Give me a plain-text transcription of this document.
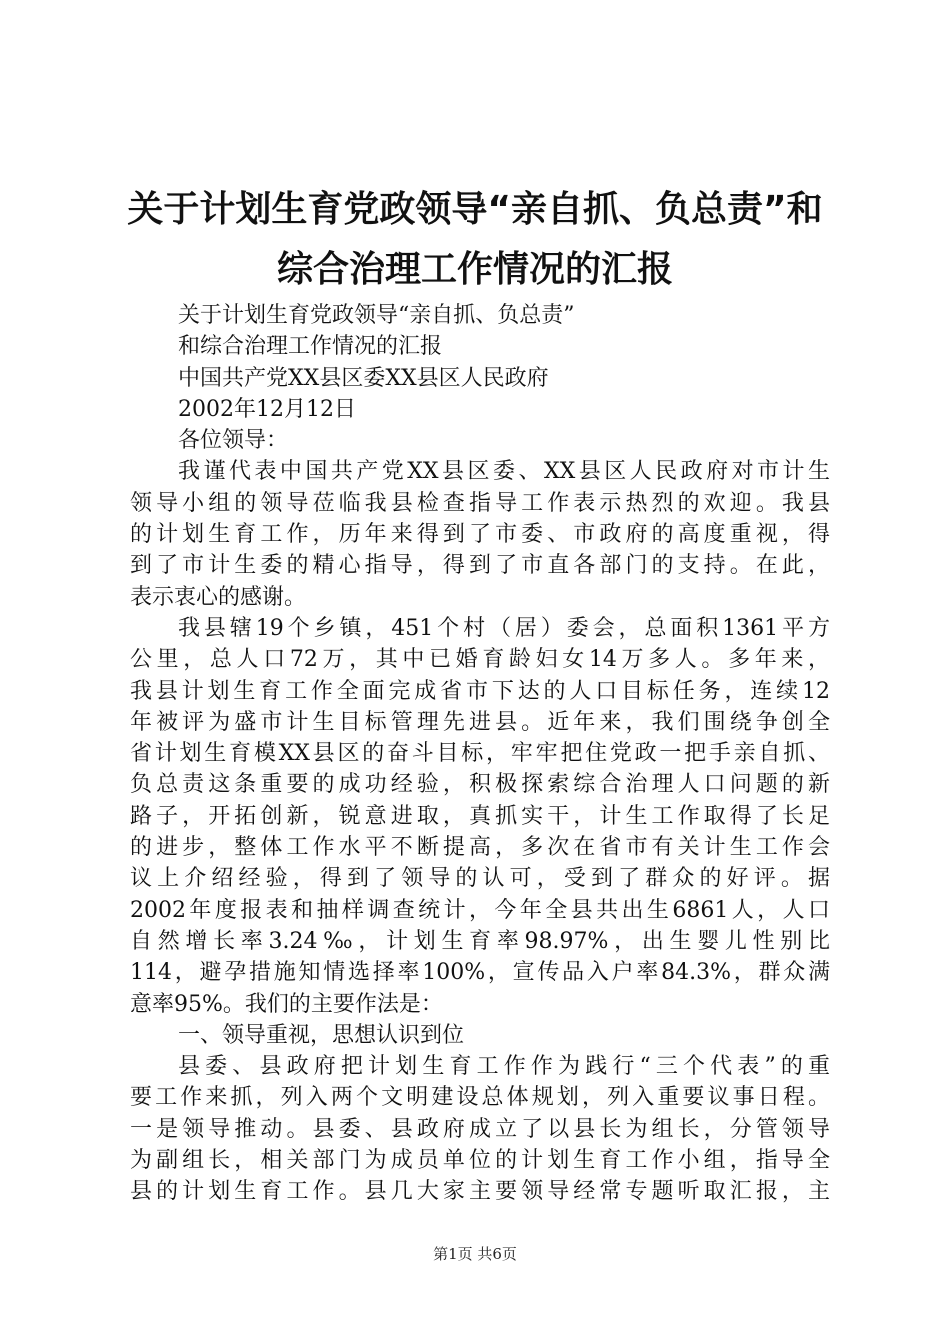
关于计划生育党政领导“亲自抓、负总责”和
综合治理工作情况的汇报
关于计划生育党政领导“亲自抓、负总责”
和综合治理工作情况的汇报
中国共产党XX县区委XX县区人民政府
2002年12月12日
各位领导：
我谨代表中国共产党XX县区委、XX县区人民政府对市计生
领导小组的领导莅临我县检查指导工作表示热烈的欢迎。我县
的计划生育工作，历年来得到了市委、市政府的高度重视，得
到了市计生委的精心指导，得到了市直各部门的支持。在此，
表示衷心的感谢。
我县辖19个乡镇，451个村（居）委会，总面积1361平方
公里，总人口72万，其中已婚育龄妇女14万多人。多年来，
我县计划生育工作全面完成省市下达的人口目标任务，连续12
年被评为盛市计生目标管理先进县。近年来，我们围绕争创全
省计划生育模XX县区的奋斗目标，牢牢把住党政一把手亲自抓、
负总责这条重要的成功经验，积极探索综合治理人口问题的新
路子，开拓创新，锐意进取，真抓实干，计生工作取得了长足
的进步，整体工作水平不断提高，多次在省市有关计生工作会
议上介绍经验，得到了领导的认可，受到了群众的好评。据
2002年度报表和抽样调查统计，今年全县共出生6861人，人口
自然增长率3.24‰，计划生育率98.97%，出生婴儿性别比
114，避孕措施知情选择率100%，宣传品入户率84.3%，群众满
意率95%。我们的主要作法是：
一、领导重视，思想认识到位
县委、县政府把计划生育工作作为践行“三个代表”的重
要工作来抓，列入两个文明建设总体规划，列入重要议事日程。
一是领导推动。县委、县政府成立了以县长为组长，分管领导
为副组长，相关部门为成员单位的计划生育工作小组，指导全
县的计划生育工作。县几大家主要领导经常专题听取汇报，主
第1页 共6页
